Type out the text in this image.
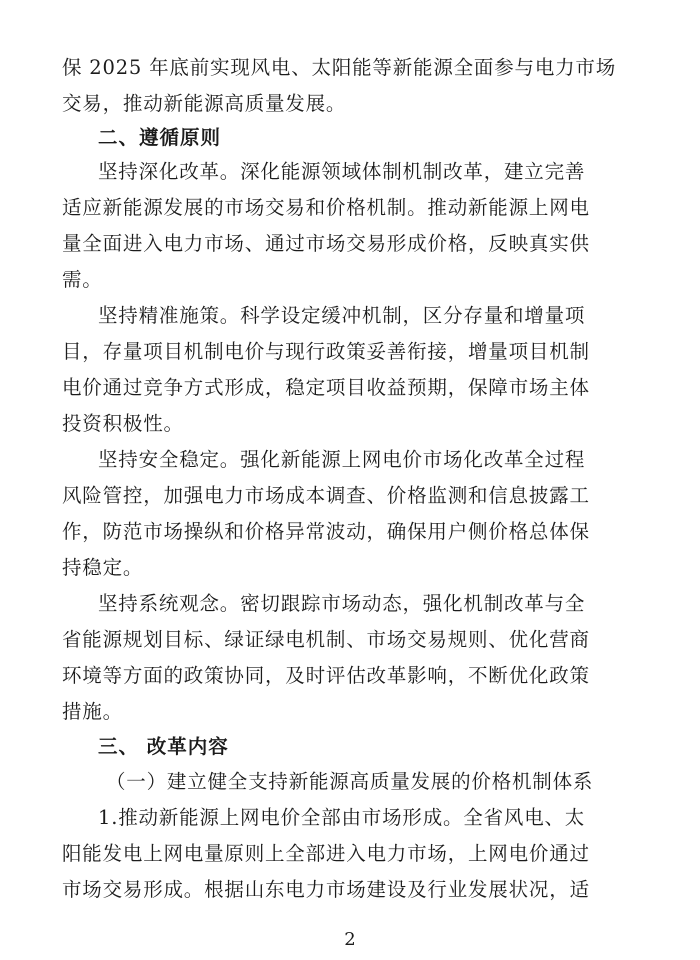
保 2025 年底前实现风电、太阳能等新能源全面参与电力市场
交易，推动新能源高质量发展。
二、遵循原则
坚持深化改革。深化能源领域体制机制改革，建立完善
适应新能源发展的市场交易和价格机制。推动新能源上网电
量全面进入电力市场、通过市场交易形成价格，反映真实供
需。
坚持精准施策。科学设定缓冲机制，区分存量和增量项
目，存量项目机制电价与现行政策妥善衔接，增量项目机制
电价通过竞争方式形成，稳定项目收益预期，保障市场主体
投资积极性。
坚持安全稳定。强化新能源上网电价市场化改革全过程
风险管控，加强电力市场成本调查、价格监测和信息披露工
作，防范市场操纵和价格异常波动，确保用户侧价格总体保
持稳定。
坚持系统观念。密切跟踪市场动态，强化机制改革与全
省能源规划目标、绿证绿电机制、市场交易规则、优化营商
环境等方面的政策协同，及时评估改革影响，不断优化政策
措施。
三、 改革内容
（一）建立健全支持新能源高质量发展的价格机制体系
1.推动新能源上网电价全部由市场形成。全省风电、太
阳能发电上网电量原则上全部进入电力市场，上网电价通过
市场交易形成。根据山东电力市场建设及行业发展状况，适
2
